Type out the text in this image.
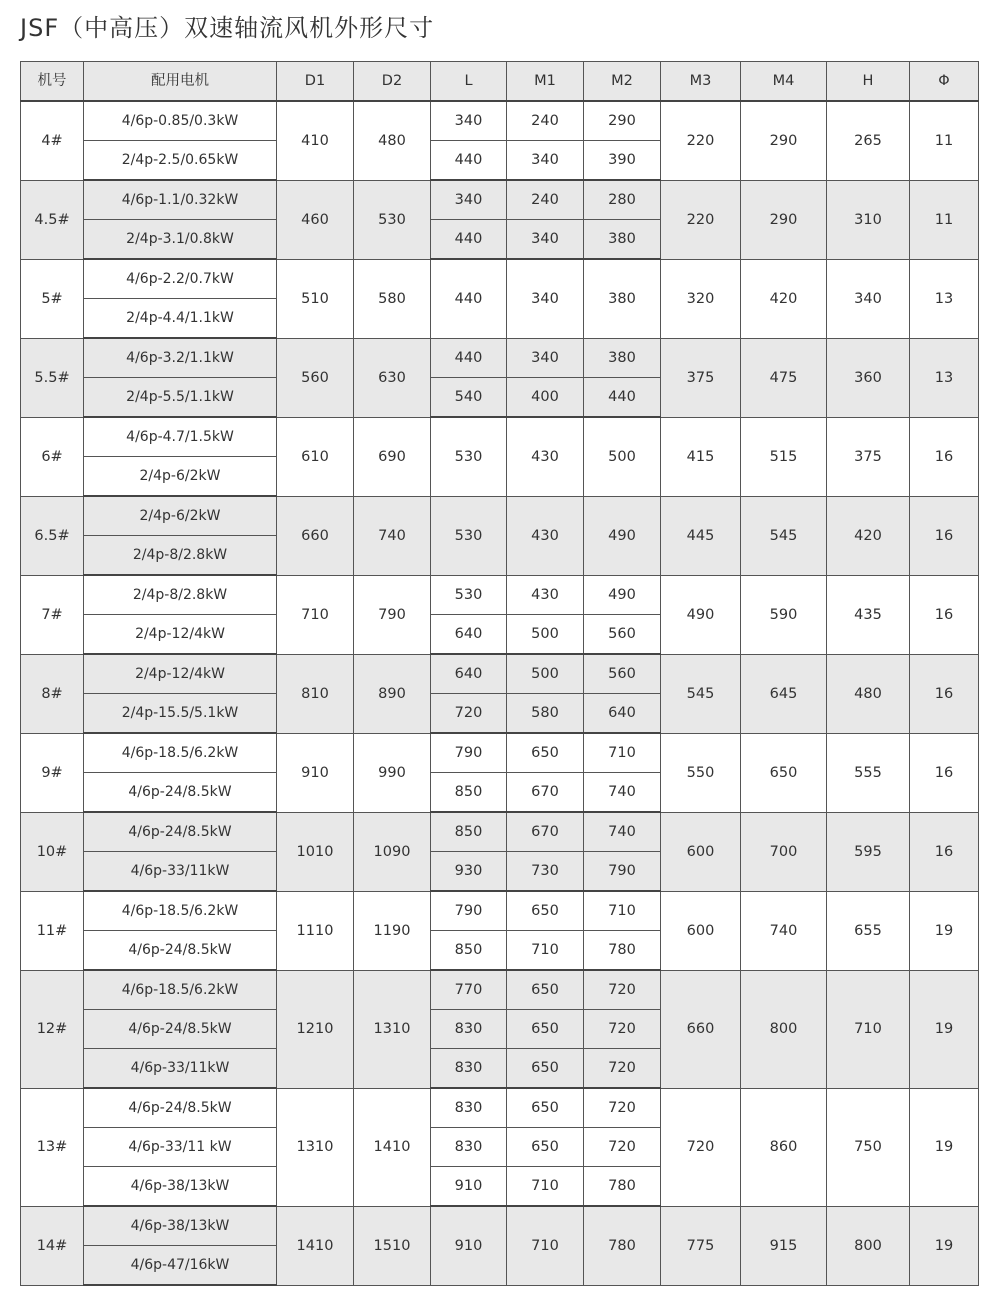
JSF（中高压）双速轴流风机外形尺寸
机号	配用电机	D1	D2	L	M1	M2	M3	M4	H	Φ
4#	4/6p-0.85/0.3kW	410	480	340	240	290	220	290	265	11
	2/4p-2.5/0.65kW			440	340	390				
4.5#	4/6p-1.1/0.32kW	460	530	340	240	280	220	290	310	11
	2/4p-3.1/0.8kW			440	340	380				
5#	4/6p-2.2/0.7kW	510	580	440	340	380	320	420	340	13
	2/4p-4.4/1.1kW									
5.5#	4/6p-3.2/1.1kW	560	630	440	340	380	375	475	360	13
	2/4p-5.5/1.1kW			540	400	440				
6#	4/6p-4.7/1.5kW	610	690	530	430	500	415	515	375	16
	2/4p-6/2kW									
6.5#	2/4p-6/2kW	660	740	530	430	490	445	545	420	16
	2/4p-8/2.8kW									
7#	2/4p-8/2.8kW	710	790	530	430	490	490	590	435	16
	2/4p-12/4kW			640	500	560				
8#	2/4p-12/4kW	810	890	640	500	560	545	645	480	16
	2/4p-15.5/5.1kW			720	580	640				
9#	4/6p-18.5/6.2kW	910	990	790	650	710	550	650	555	16
	4/6p-24/8.5kW			850	670	740				
10#	4/6p-24/8.5kW	1010	1090	850	670	740	600	700	595	16
	4/6p-33/11kW			930	730	790				
11#	4/6p-18.5/6.2kW	1110	1190	790	650	710	600	740	655	19
	4/6p-24/8.5kW			850	710	780				
12#	4/6p-18.5/6.2kW	1210	1310	770	650	720	660	800	710	19
	4/6p-24/8.5kW			830	650	720				
	4/6p-33/11kW			830	650	720				
13#	4/6p-24/8.5kW	1310	1410	830	650	720	720	860	750	19
	4/6p-33/11 kW			830	650	720				
	4/6p-38/13kW			910	710	780				
14#	4/6p-38/13kW	1410	1510	910	710	780	775	915	800	19
	4/6p-47/16kW									
